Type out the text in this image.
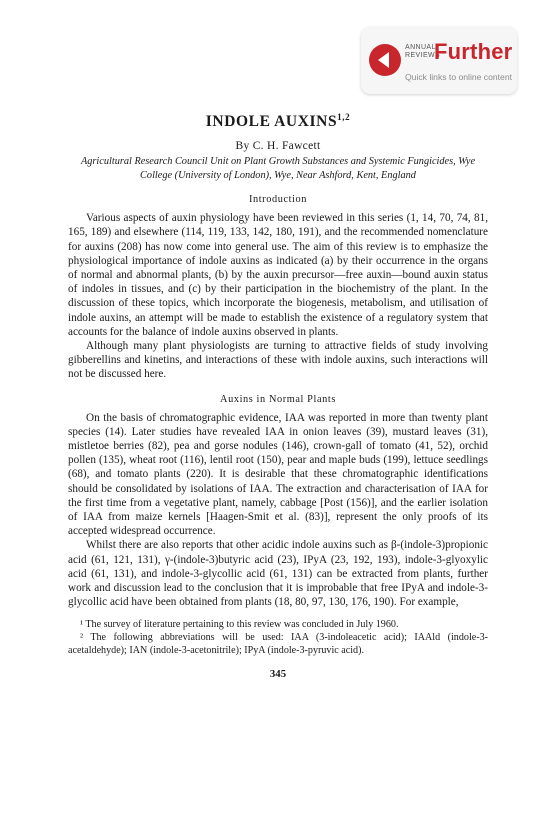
ANNUAL
REVIEWS
Further
Quick links to online content
INDOLE AUXINS$^{1,2}$
By C. H. Fawcett
Agricultural Research Council Unit on Plant Growth Substances and Systemic Fungicides, Wye College (University of London), Wye, Near Ashford, Kent, England
Introduction

Various aspects of auxin physiology have been reviewed in this series (1, 14, 70, 74, 81, 165, 189) and elsewhere (114, 119, 133, 142, 180, 191), and the recommended nomenclature for auxins (208) has now come into general use. The aim of this review is to emphasize the physiological importance of indole auxins as indicated (a) by their occurrence in the organs of normal and abnormal plants, (b) by the auxin precursor—free auxin—bound auxin status of indoles in tissues, and (c) by their participation in the biochemistry of the plant. In the discussion of these topics, which incorporate the biogenesis, metabolism, and utilisation of indole auxins, an attempt will be made to establish the existence of a regulatory system that accounts for the balance of indole auxins observed in plants.

Although many plant physiologists are turning to attractive fields of study involving gibberellins and kinetins, and interactions of these with indole auxins, such interactions will not be discussed here.

Auxins in Normal Plants

On the basis of chromatographic evidence, IAA was reported in more than twenty plant species (14). Later studies have revealed IAA in onion leaves (39), mustard leaves (31), mistletoe berries (82), pea and gorse nodules (146), crown-gall of tomato (41, 52), orchid pollen (135), wheat root (116), lentil root (150), pear and maple buds (199), lettuce seedlings (68), and tomato plants (220). It is desirable that these chromatographic identifications should be consolidated by isolations of IAA. The extraction and characterisation of IAA for the first time from a vegetative plant, namely, cabbage [Post (156)], and the earlier isolation of IAA from maize kernels [Haagen-Smit et al. (83)], represent the only proofs of its accepted widespread occurrence.

Whilst there are also reports that other acidic indole auxins such as β-(indole-3)propionic acid (61, 121, 131), γ-(indole-3)butyric acid (23), IPyA (23, 192, 193), indole-3-glyoxylic acid (61, 131), and indole-3-glycollic acid (61, 131) can be extracted from plants, further work and discussion lead to the conclusion that it is improbable that free IPyA and indole-3-glycollic acid have been obtained from plants (18, 80, 97, 130, 176, 190). For example,

¹ The survey of literature pertaining to this review was concluded in July 1960.

² The following abbreviations will be used: IAA (3-indoleacetic acid); IAAld (indole-3-acetaldehyde); IAN (indole-3-acetonitrile); IPyA (indole-3-pyruvic acid).

345
